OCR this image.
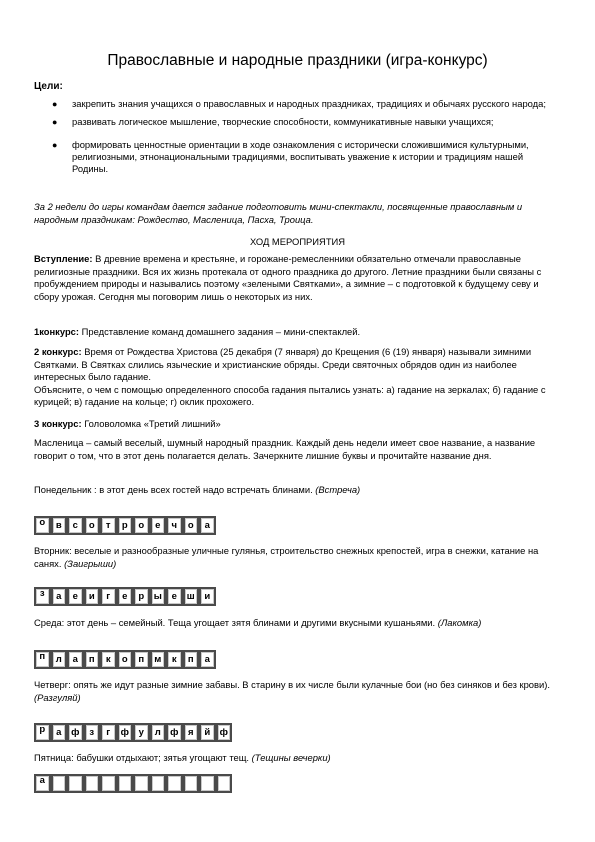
Православные и народные праздники (игра-конкурс)
Цели:
● закрепить знания учащихся о православных и народных праздниках, традициях и обычаях русского народа;
● развивать логическое мышление, творческие способности, коммуникативные навыки учащихся;
● формировать ценностные ориентации в ходе ознакомления с исторически сложившимися культурными, религиозными, этнонациональными традициями, воспитывать уважение к истории и традициям нашей Родины.

За 2 недели до игры командам дается задание подготовить мини-спектакли, посвященные православным и народным праздникам: Рождество, Масленица, Пасха, Троица.

ХОД МЕРОПРИЯТИЯ

Вступление: В древние времена и крестьяне, и горожане-ремесленники обязательно отмечали православные религиозные праздники. Вся их жизнь протекала от одного праздника до другого. Летние праздники были связаны с пробуждением природы и назывались поэтому «зелеными Святками», а зимние – с подготовкой к будущему севу и сбору урожая. Сегодня мы поговорим лишь о некоторых из них.

1конкурс: Представление команд домашнего задания – мини-спектаклей.

2 конкурс: Время от Рождества Христова (25 декабря (7 января) до Крещения (6 (19) января) называли зимними Святками. В Святках слились языческие и христианские обряды. Среди святочных обрядов один из наиболее интересных было гадание.
Объясните, о чем с помощью определенного способа гадания пытались узнать: а) гадание на зеркалах; б) гадание с курицей; в) гадание на кольце; г) оклик прохожего.

3 конкурс: Головоломка «Третий лишний»

Масленица – самый веселый, шумный народный праздник. Каждый день недели имеет свое название, а название говорит о том, что в этот день полагается делать. Зачеркните лишние буквы и прочитайте название дня.

Понедельник : в этот день всех гостей надо встречать блинами. (Встреча)

о	в	с	о	т	р	о	е	ч	о	а

Вторник: веселые и разнообразные уличные гулянья, строительство снежных крепостей, игра в снежки, катание на санях. (Заигрыши)

з	а	е	и	г	е	р	ы	е	ш	и

Среда: этот день – семейный. Теща угощает зятя блинами и другими вкусными кушаньями. (Лакомка)

п	л	а	п	к	о	п	м	к	п	а

Четверг: опять же идут разные зимние забавы. В старину в их числе были кулачные бои (но без синяков и без крови). (Разгуляй)

р	а	ф	з	г	ф	у	л ф	я	й ф

Пятница: бабушки отдыхают; зятья угощают тещ. (Тещины вечерки)

а
